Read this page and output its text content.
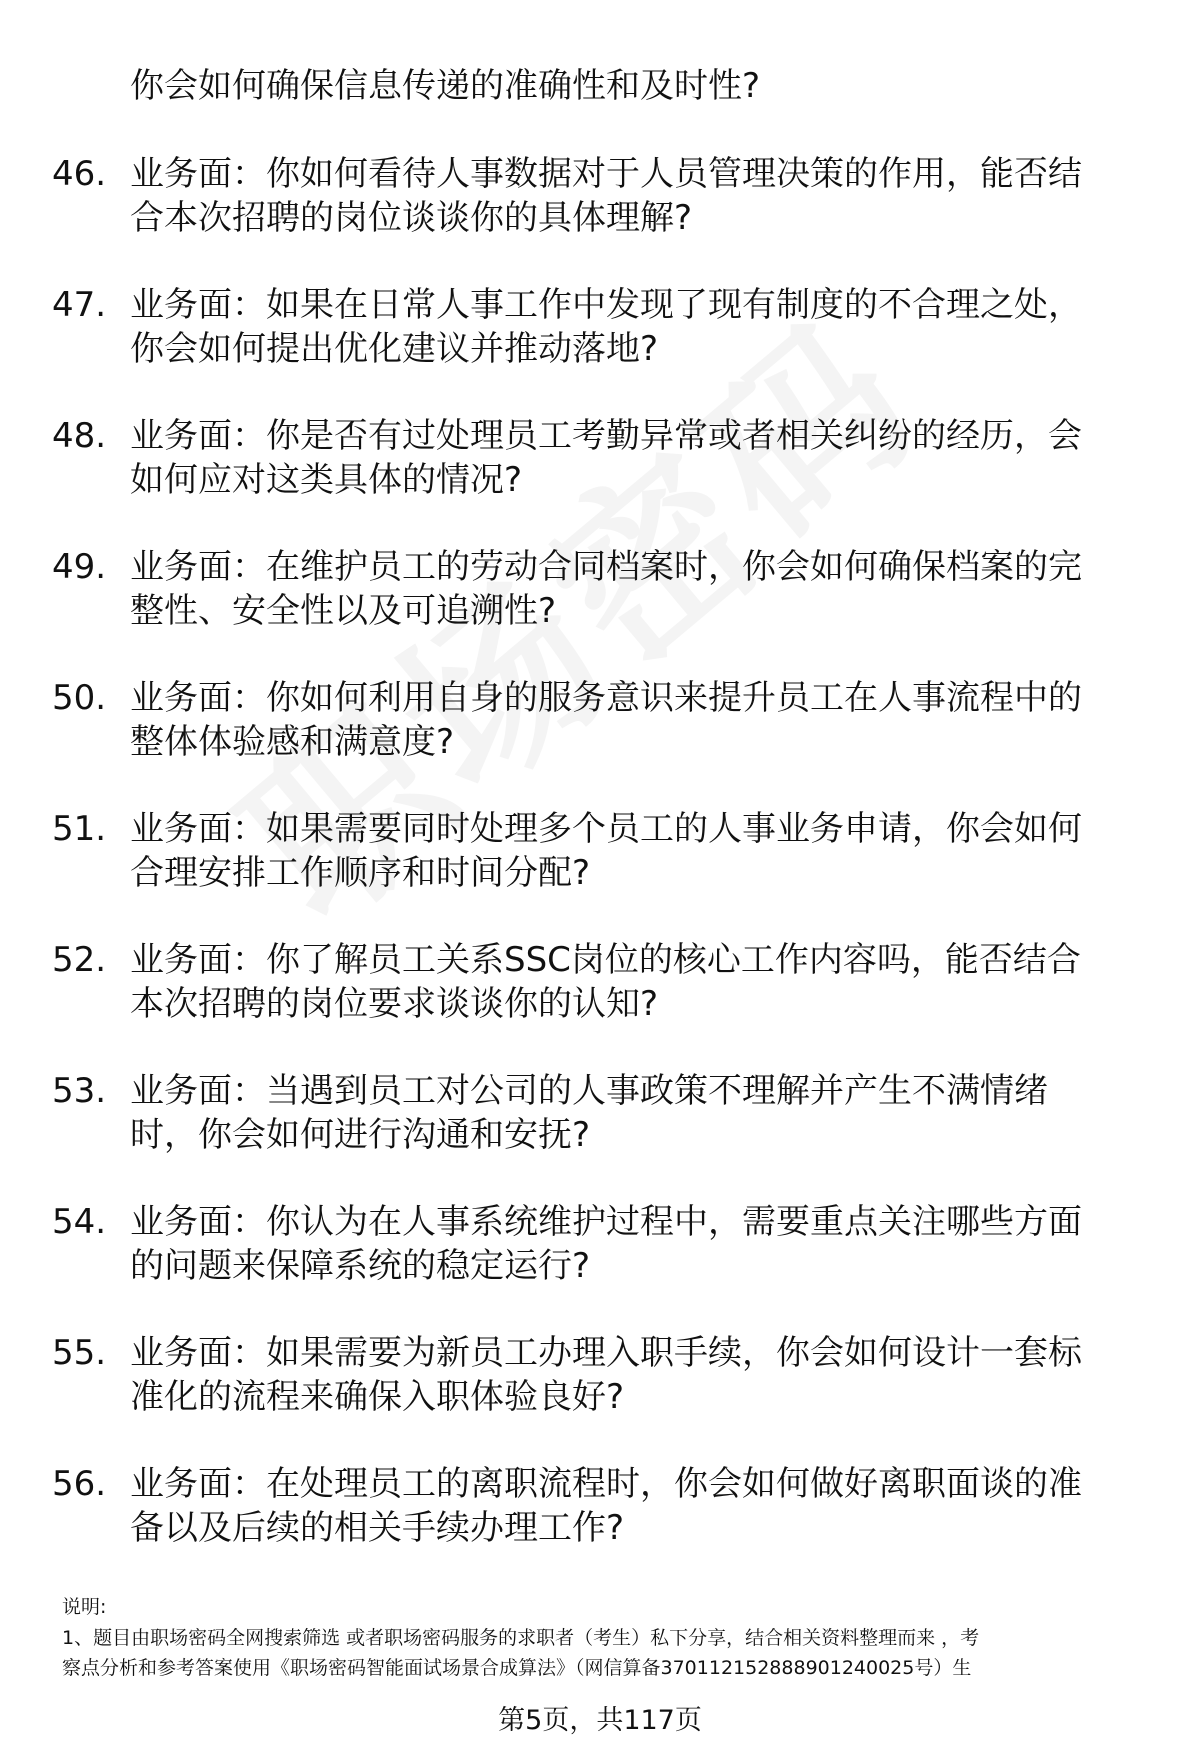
你会如何确保信息传递的准确性和及时性?
46. 业务面：你如何看待人事数据对于人员管理决策的作用，能否结
合本次招聘的岗位谈谈你的具体理解?
47. 业务面：如果在日常人事工作中发现了现有制度的不合理之处，
你会如何提出优化建议并推动落地?
48. 业务面：你是否有过处理员工考勤异常或者相关纠纷的经历，会
如何应对这类具体的情况?
49. 业务面：在维护员工的劳动合同档案时，你会如何确保档案的完
整性、安全性以及可追溯性?
50. 业务面：你如何利用自身的服务意识来提升员工在人事流程中的
整体体验感和满意度?
51. 业务面：如果需要同时处理多个员工的人事业务申请，你会如何
合理安排工作顺序和时间分配?
52. 业务面：你了解员工关系SSC岗位的核心工作内容吗，能否结合
本次招聘的岗位要求谈谈你的认知?
53. 业务面：当遇到员工对公司的人事政策不理解并产生不满情绪
时，你会如何进行沟通和安抚?
54. 业务面：你认为在人事系统维护过程中，需要重点关注哪些方面
的问题来保障系统的稳定运行?
55. 业务面：如果需要为新员工办理入职手续，你会如何设计一套标
准化的流程来确保入职体验良好?
56. 业务面：在处理员工的离职流程时，你会如何做好离职面谈的准
备以及后续的相关手续办理工作?
说明:
1、题目由职场密码全网搜索筛选 或者职场密码服务的求职者（考生）私下分享，结合相关资料整理而来 ，考
察点分析和参考答案使用《职场密码智能面试场景合成算法》（网信算备370112152888901240025号）生
第5页，共117页
